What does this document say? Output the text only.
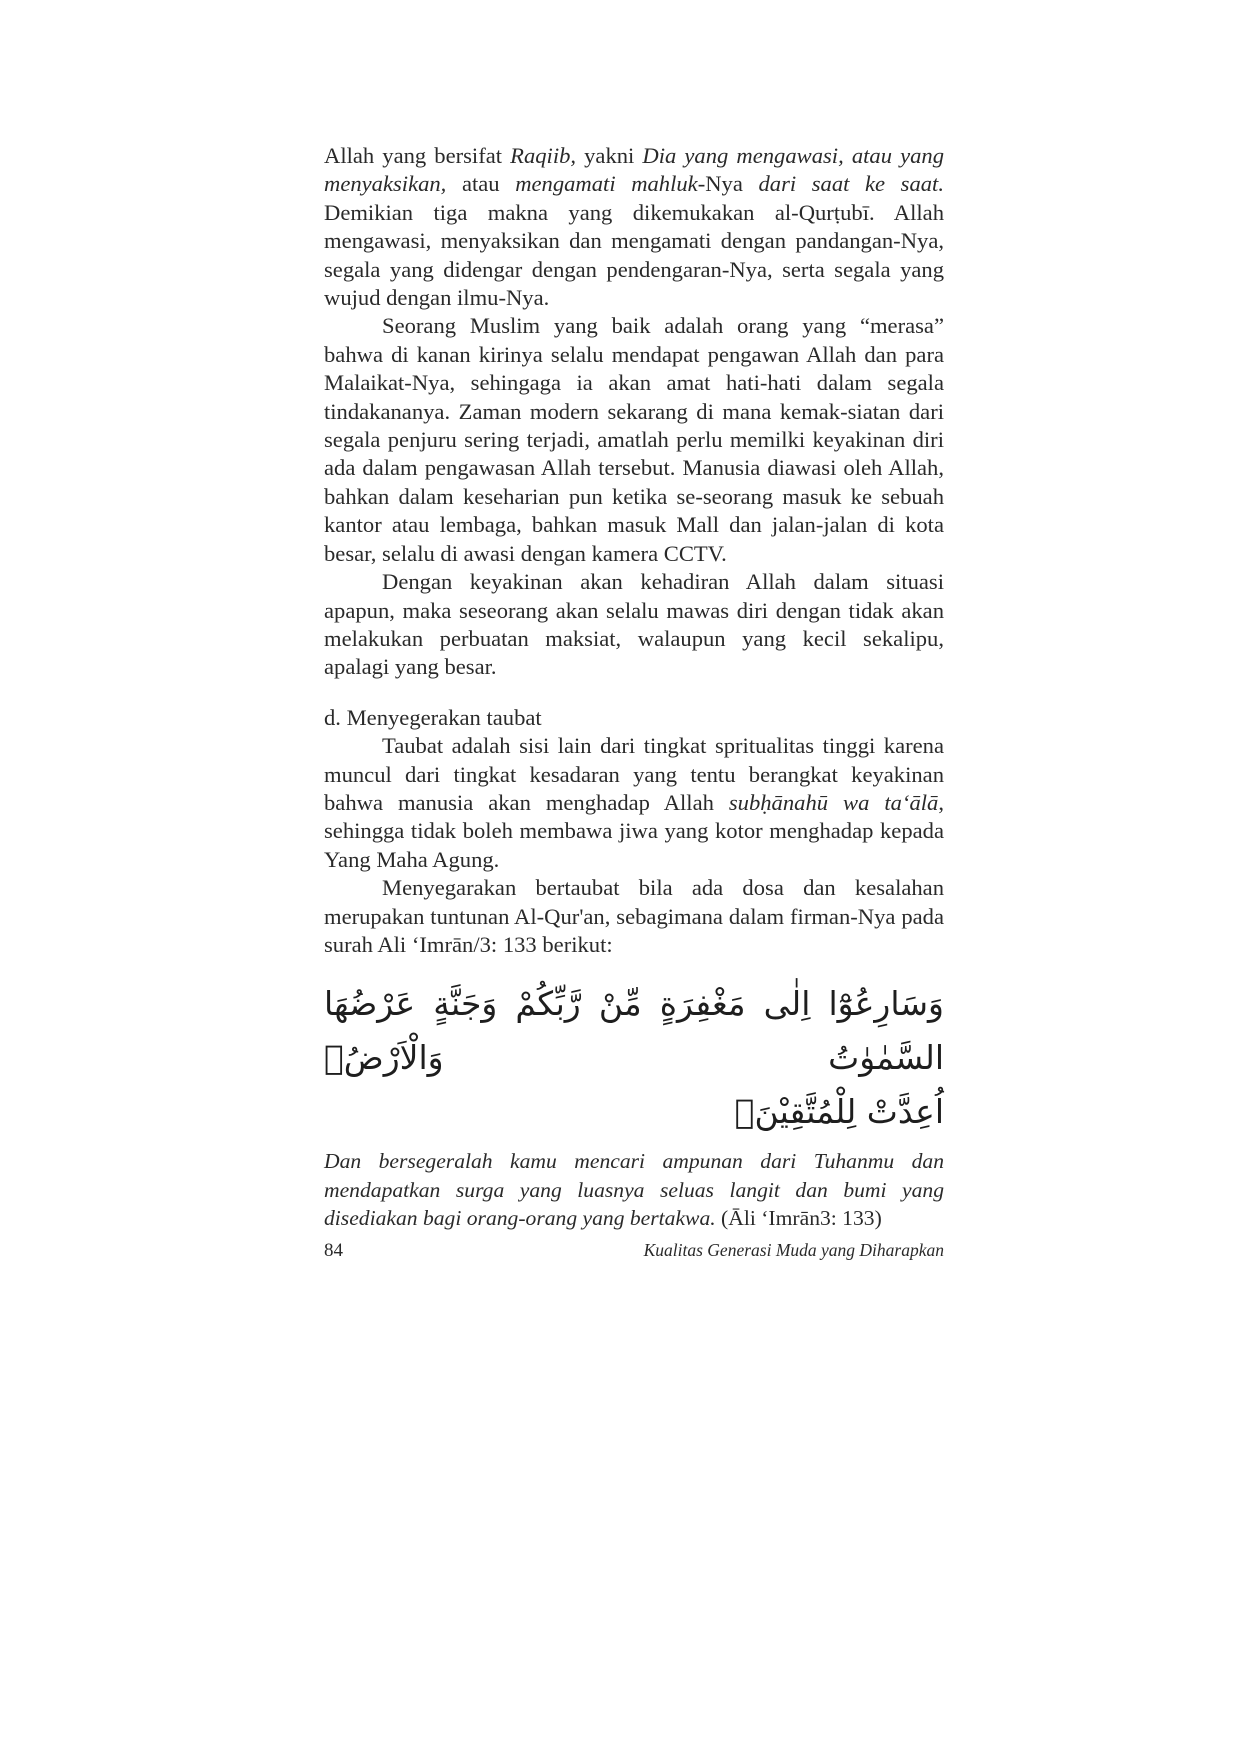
Allah yang bersifat Raqiib, yakni Dia yang mengawasi, atau yang menyaksikan, atau mengamati mahluk-Nya dari saat ke saat. Demikian tiga makna yang dikemukakan al-Qurṭubī. Allah mengawasi, menyaksikan dan mengamati dengan pandangan-Nya, segala yang didengar dengan pendengaran-Nya, serta segala yang wujud dengan ilmu-Nya.

Seorang Muslim yang baik adalah orang yang “merasa” bahwa di kanan kirinya selalu mendapat pengawan Allah dan para Malaikat-Nya, sehingaga ia akan amat hati-hati dalam segala tindakananya. Zaman modern sekarang di mana kemak-siatan dari segala penjuru sering terjadi, amatlah perlu memilki keyakinan diri ada dalam pengawasan Allah tersebut. Manusia diawasi oleh Allah, bahkan dalam keseharian pun ketika se-seorang masuk ke sebuah kantor atau lembaga, bahkan masuk Mall dan jalan-jalan di kota besar, selalu di awasi dengan kamera CCTV.

Dengan keyakinan akan kehadiran Allah dalam situasi apapun, maka seseorang akan selalu mawas diri dengan tidak akan melakukan perbuatan maksiat, walaupun yang kecil sekalipu, apalagi yang besar.

d. Menyegerakan taubat

Taubat adalah sisi lain dari tingkat spritualitas tinggi karena muncul dari tingkat kesadaran yang tentu berangkat keyakinan bahwa manusia akan menghadap Allah subḥānahū wa ta‘ālā, sehingga tidak boleh membawa jiwa yang kotor menghadap kepada Yang Maha Agung.

Menyegarakan bertaubat bila ada dosa dan kesalahan merupakan tuntunan Al-Qur'an, sebagimana dalam firman-Nya pada surah Ali ‘Imrān/3: 133 berikut:

وَسَارِعُوْٓا اِلٰى مَغْفِرَةٍ مِّنْ رَّبِّكُمْ وَجَنَّةٍ عَرْضُهَا السَّمٰوٰتُ وَالْاَرْضُۙ
اُعِدَّتْ لِلْمُتَّقِيْنَۙ

Dan bersegeralah kamu mencari ampunan dari Tuhanmu dan mendapatkan surga yang luasnya seluas langit dan bumi yang disediakan bagi orang-orang yang bertakwa. (Āli ‘Imrān3: 133)

84	Kualitas Generasi Muda yang Diharapkan
